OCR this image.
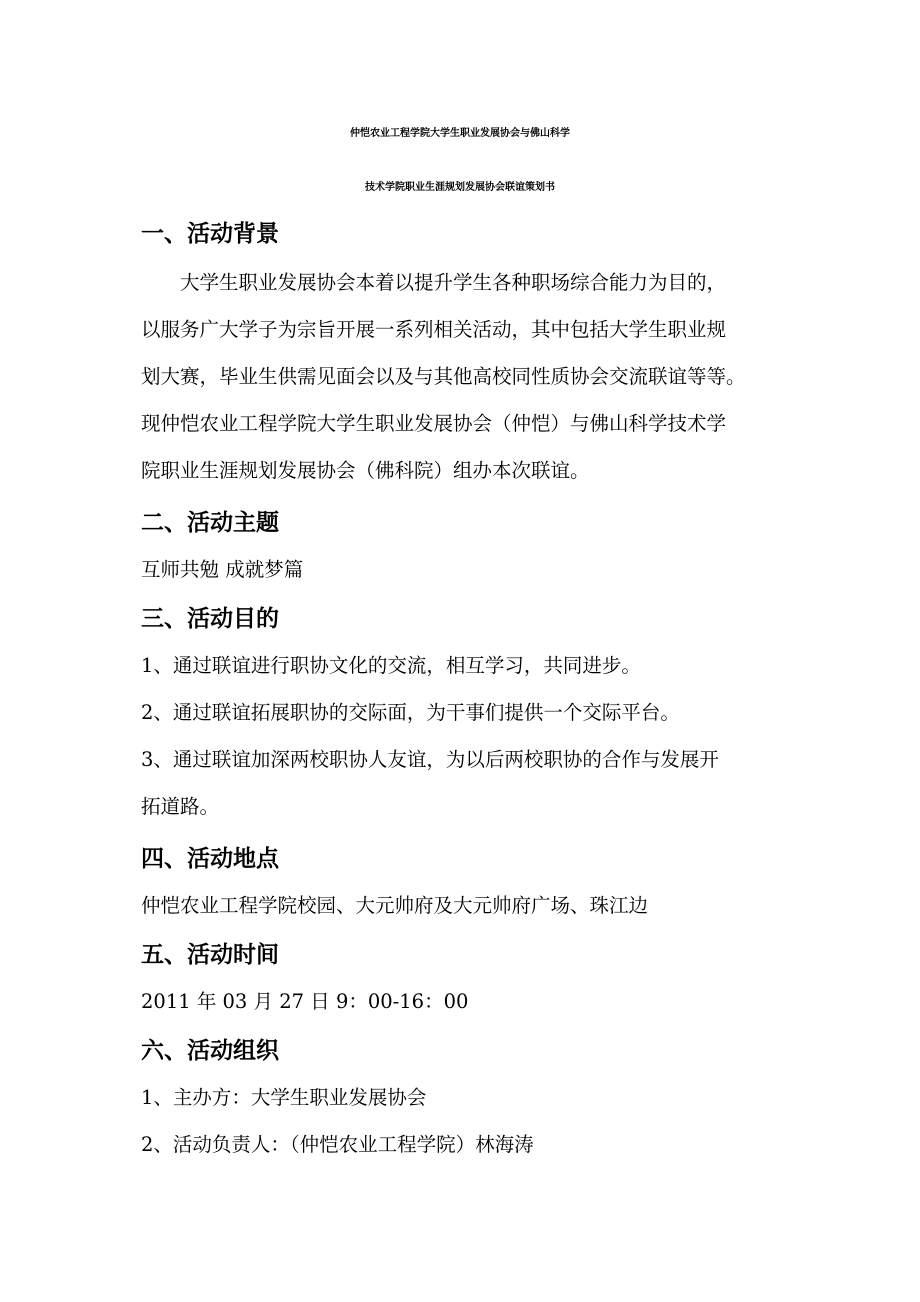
仲恺农业工程学院大学生职业发展协会与佛山科学
技术学院职业生涯规划发展协会联谊策划书
一、活动背景
大学生职业发展协会本着以提升学生各种职场综合能力为目的，
以服务广大学子为宗旨开展一系列相关活动，其中包括大学生职业规
划大赛，毕业生供需见面会以及与其他高校同性质协会交流联谊等等。
现仲恺农业工程学院大学生职业发展协会（仲恺）与佛山科学技术学
院职业生涯规划发展协会（佛科院）组办本次联谊。
二、活动主题
互师共勉 成就梦篇
三、活动目的
1、通过联谊进行职协文化的交流，相互学习，共同进步。
2、通过联谊拓展职协的交际面，为干事们提供一个交际平台。
3、通过联谊加深两校职协人友谊，为以后两校职协的合作与发展开
拓道路。
四、活动地点
仲恺农业工程学院校园、大元帅府及大元帅府广场、珠江边
五、活动时间
2011 年 03 月 27 日 9：00-16：00
六、活动组织
1、主办方：大学生职业发展协会
2、活动负责人：（仲恺农业工程学院）林海涛
